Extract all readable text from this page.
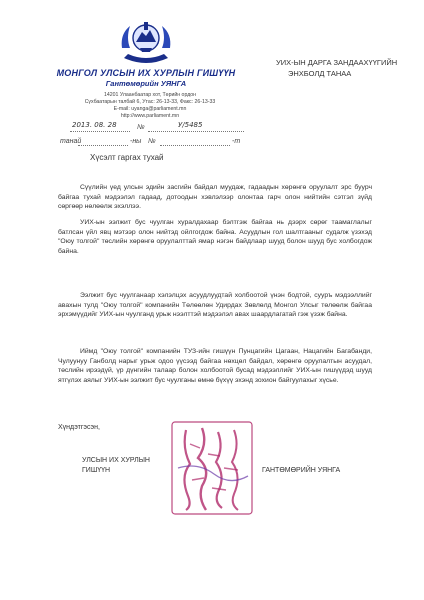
МОНГОЛ УЛСЫН ИХ ХУРЛЫН ГИШҮҮН
Гантөмөрийн УЯНГА
14201 Улаанбаатар хот, Төрийн ордон
Сүхбаатарын талбай 6, Утас: 26-13-33, Факс: 26-13-33
E-mail: uyanga@parliament.mn
http://www.parliament.mn
2013. 08. 28	№	У/5485
танай	-ны №	-т
УИХ-ЫН ДАРГА ЗАНДААХҮҮГИЙН
ЭНХБОЛД ТАНАА
Хүсэлт гаргах тухай

Сүүлийн үед улсын эдийн засгийн байдал муудаж, гадаадын хөрөнгө оруулалт эрс буурч байгаа тухай мэдээлэл гадаад, дотоодын хэвлэлээр олонтаа гарч олон нийтийн сэтгэл зүйд сөргөөр нөлөөлж эхэллээ.

УИХ-ын ээлжит бус чуулган хуралдахаар бэлтгэж байгаа нь дээрх сөрөг таамаглалыг батлсан үйл явц мэтээр олон нийтэд ойлгогдож байна. Асуудлын гол шалтгааныг судалж үзэхэд "Оюу толгой" төслийн хөрөнгө оруулалттай ямар нэгэн байдлаар шууд болон шууд бус холбогдож байна.

Ээлжит бус чуулганаар хэлэлцэх асуудлуудтай холбоотой үнэн бодтой, сууръ мэдээллийг авахын тулд "Оюу толгой" компанийн Төлөөлөн Удирдах Зөвлөлд Монгол Улсыг төлөөлж байгаа эрхэмүүдийг УИХ-ын чуулганд урьж нээлттэй мэдээлэл авах шаардлагатай гэж үзэж байна.

Иймд "Оюу толгой" компанийн ТУЗ-ийн гишүүн Пунцагийн Цагаан, Нацагийн Багабанди, Чулуунуу Ганболд нарыг урьж одоо үүсээд байгаа нөхцөл байдал, хөрөнгө оруулалтын асуудал, төслийн ирээдүй, үр дүнгийн талаар болон холбоотой бусад мэдээллийг УИХ-ын гишүүдэд шууд ятгүлэх аялыг УИХ-ын ээлжит бус чуулганы өмнө бүхүү эхэнд зохион байгуулахыг хүсье.

Хүндэтгэсэн,
УЛСЫН ИХ ХУРЛЫН
ГИШҮҮН	ГАНТӨМӨРИЙН УЯНГА
